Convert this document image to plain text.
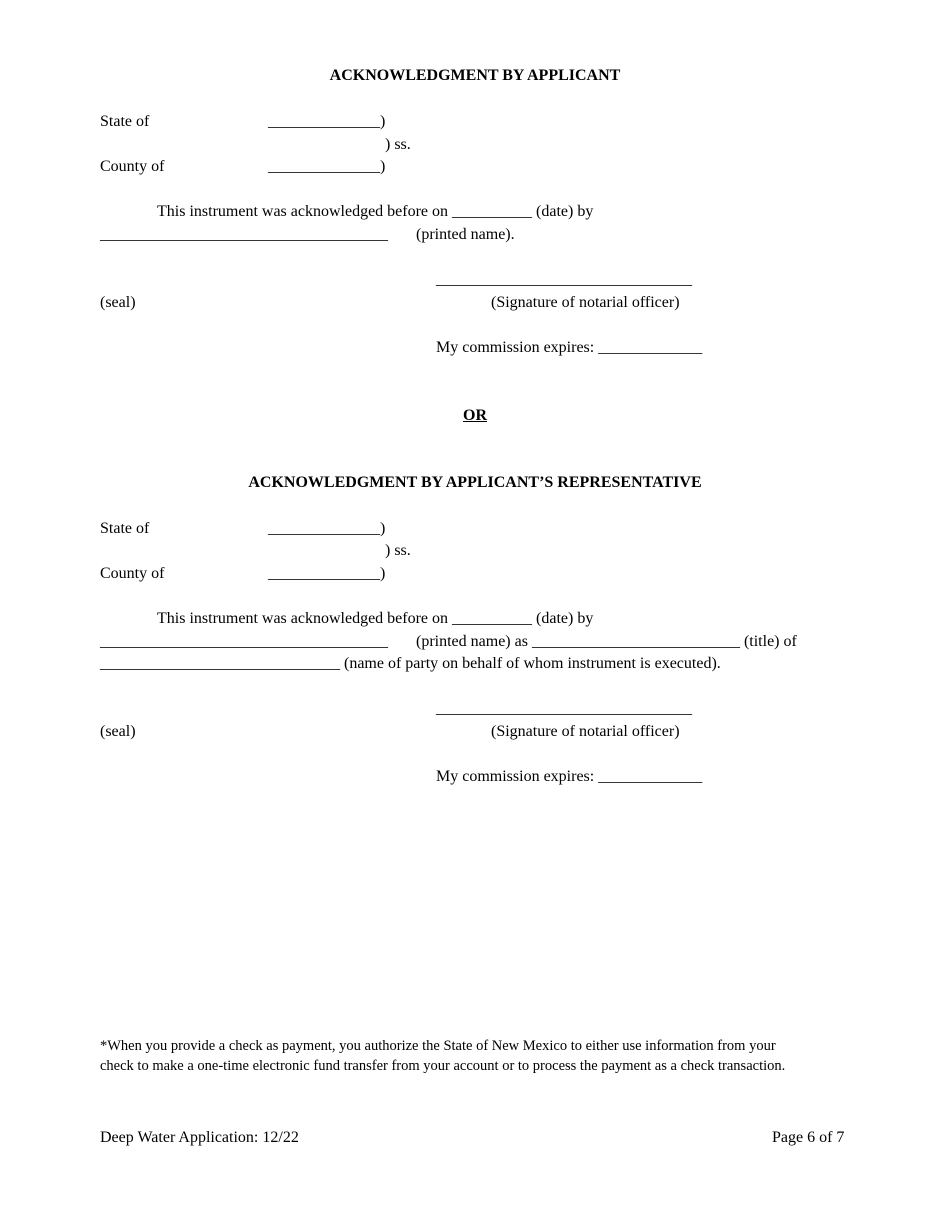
ACKNOWLEDGMENT BY APPLICANT
State of	______________)
) ss.
County of	______________)
This instrument was acknowledged before on __________ (date) by
____________________________________ (printed name).
________________________________
(seal)	(Signature of notarial officer)
My commission expires: _____________
OR
ACKNOWLEDGMENT BY APPLICANT’S REPRESENTATIVE
State of	______________)
) ss.
County of	______________)
This instrument was acknowledged before on __________ (date) by
____________________________________ (printed name) as __________________________ (title) of
______________________________ (name of party on behalf of whom instrument is executed).
________________________________
(seal)	(Signature of notarial officer)
My commission expires: _____________
*When you provide a check as payment, you authorize the State of New Mexico to either use information from your
check to make a one-time electronic fund transfer from your account or to process the payment as a check transaction.
Deep Water Application: 12/22	Page 6 of 7
